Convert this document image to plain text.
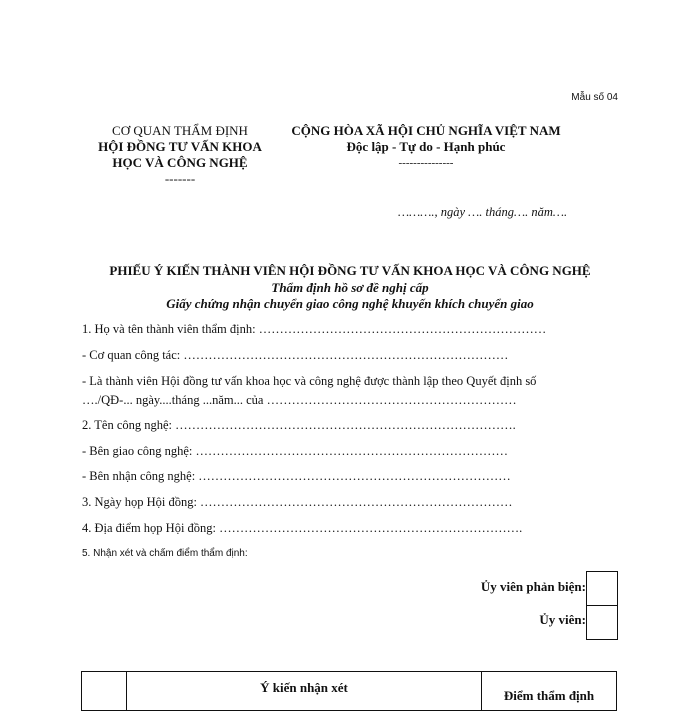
Mẫu số 04
CƠ QUAN THẨM ĐỊNH
HỘI ĐỒNG TƯ VẤN KHOA
HỌC VÀ CÔNG NGHỆ
-------
CỘNG HÒA XÃ HỘI CHỦ NGHĨA VIỆT NAM
Độc lập - Tự do - Hạnh phúc
---------------
………., ngày …. tháng…. năm….
PHIẾU Ý KIẾN THÀNH VIÊN HỘI ĐỒNG TƯ VẤN KHOA HỌC VÀ CÔNG NGHỆ
Thẩm định hồ sơ đề nghị cấp
Giấy chứng nhận chuyển giao công nghệ khuyến khích chuyển giao
1. Họ và tên thành viên thẩm định: ……………………………………………………………
- Cơ quan công tác: ……………………………………………………………………
- Là thành viên Hội đồng tư vấn khoa học và công nghệ được thành lập theo Quyết định số
…./QĐ-... ngày....tháng ...năm... của ……………………………………………………
2. Tên công nghệ: ……………………………………………………………………….
- Bên giao công nghệ: …………………………………………………………………
- Bên nhận công nghệ: …………………………………………………………………
3. Ngày họp Hội đồng: …………………………………………………………………
4. Địa điểm họp Hội đồng: ……………………………………………………………….
5. Nhận xét và chấm điểm thẩm định:
Ủy viên phản biện:
Ủy viên:

Ý kiến nhận xét

Điểm thẩm định
